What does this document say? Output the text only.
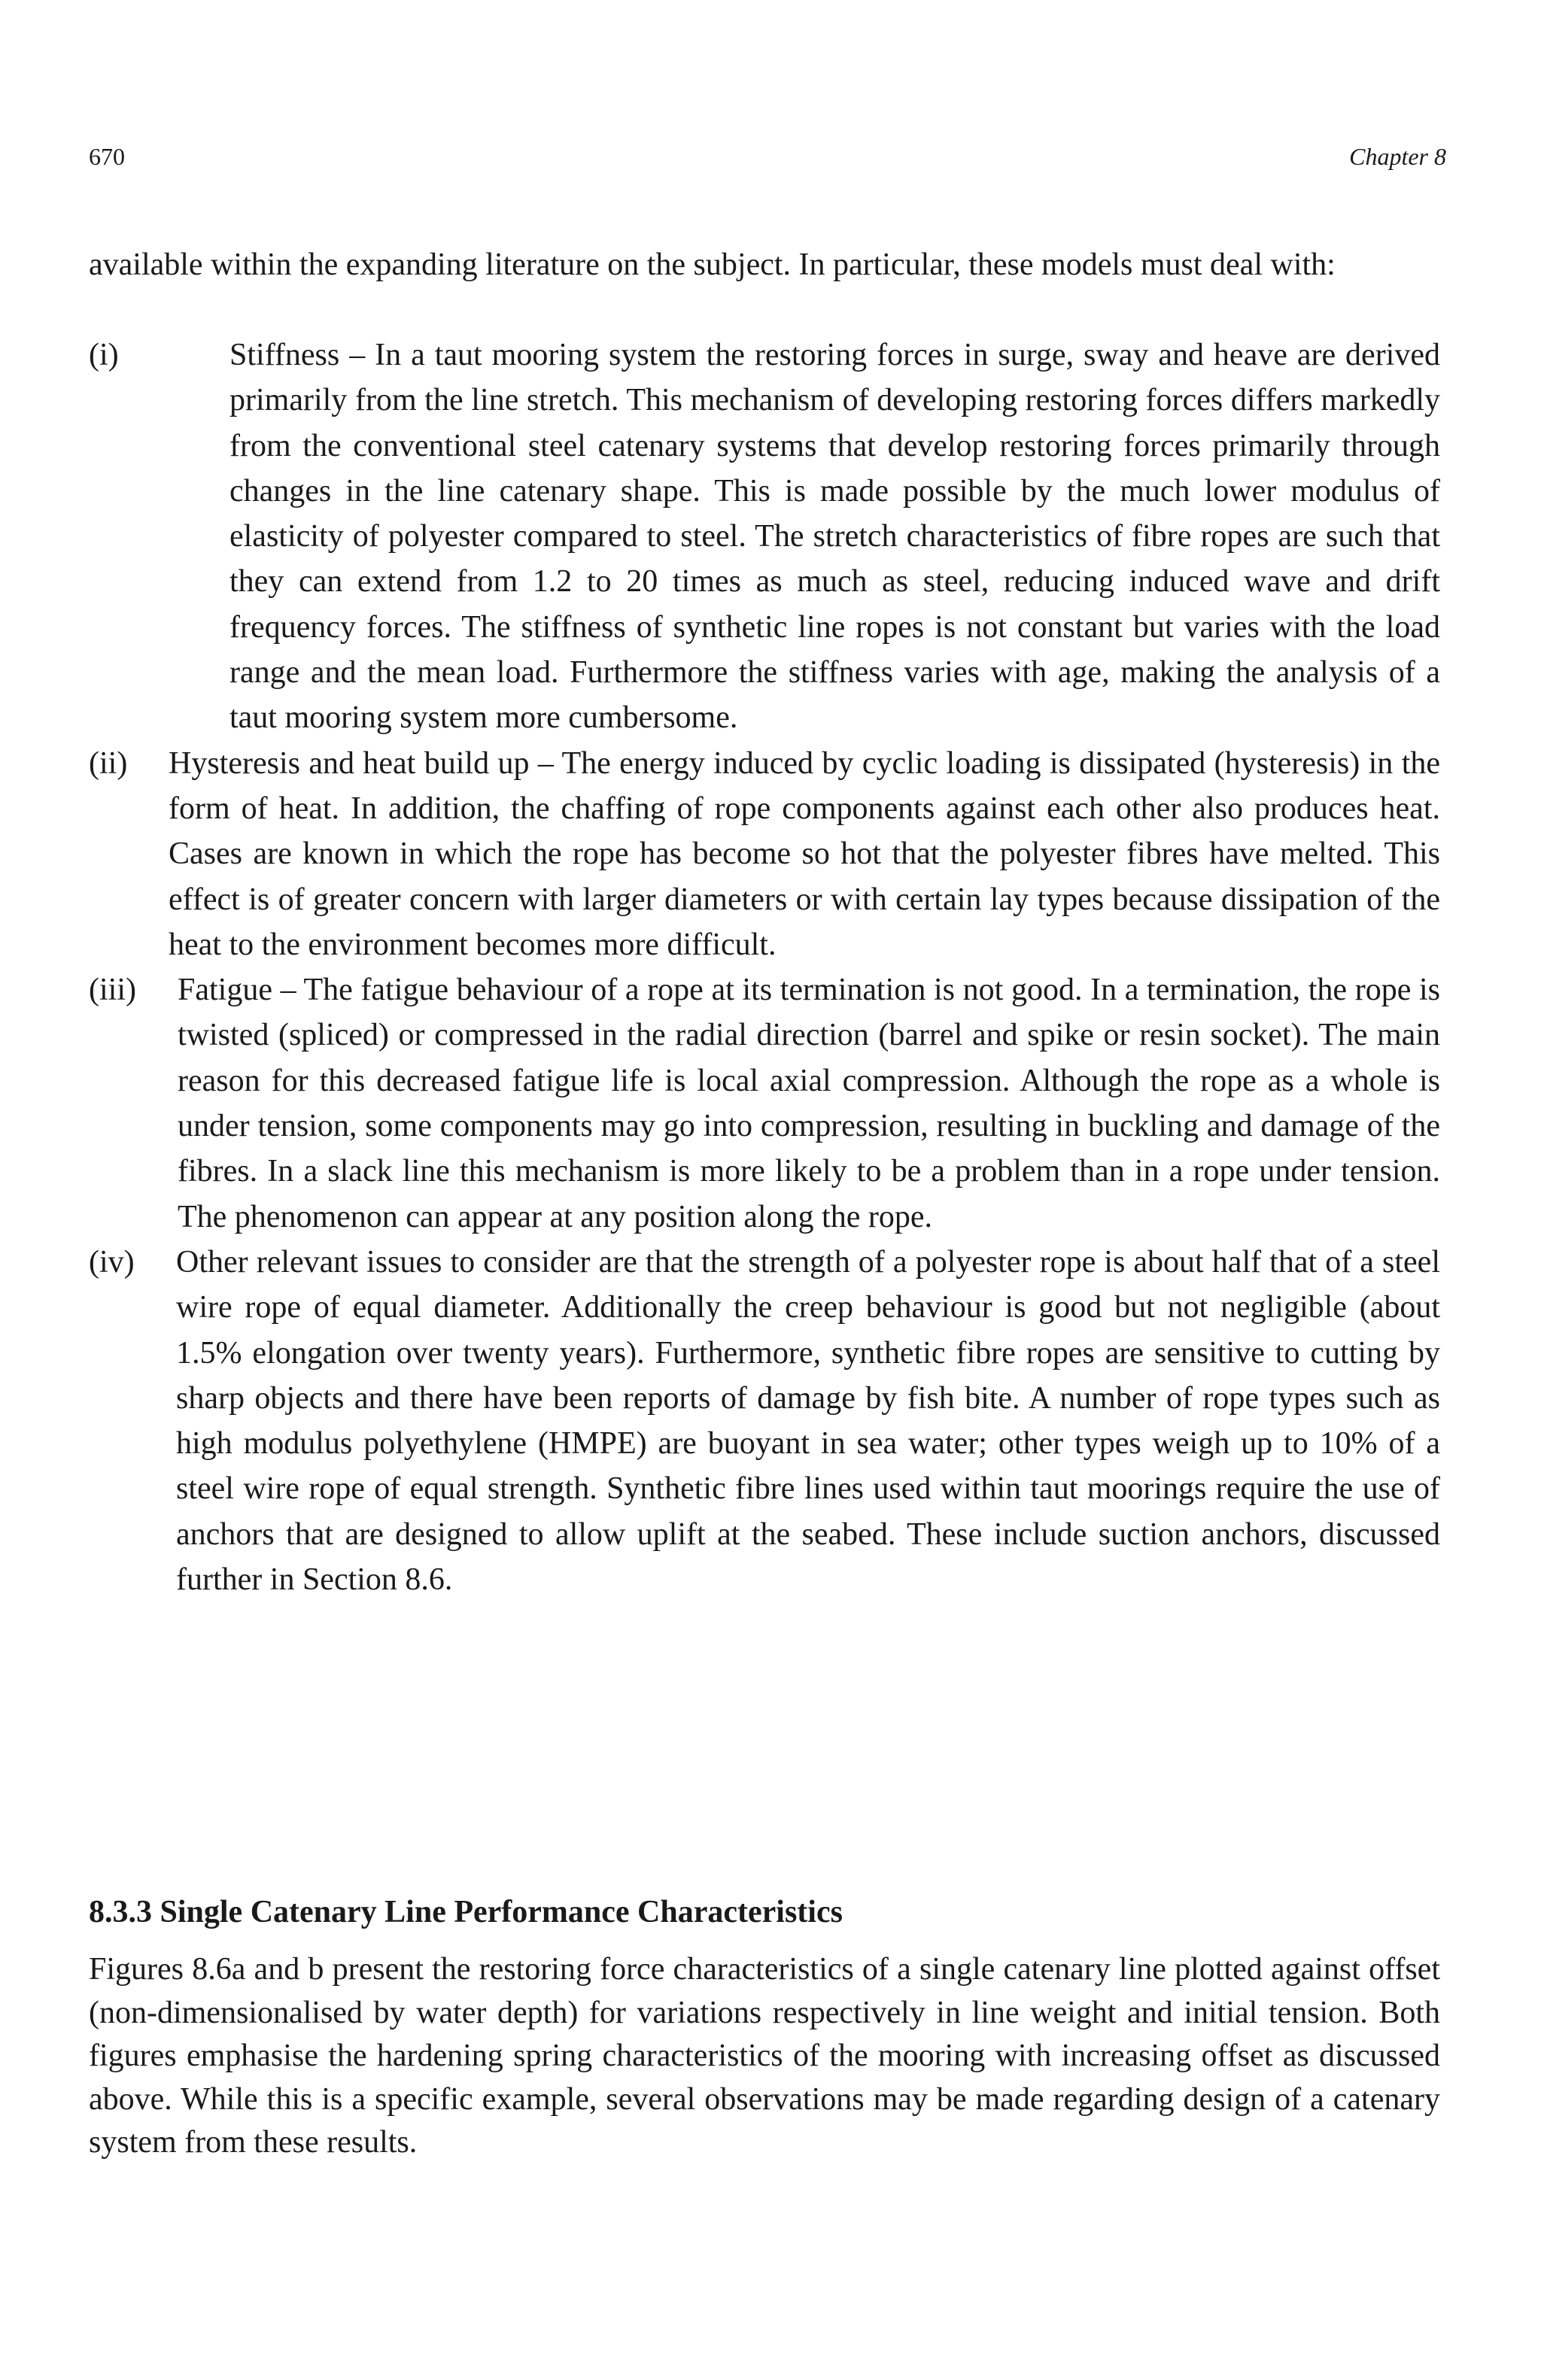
670	Chapter 8

available within the expanding literature on the subject. In particular, these models must deal with:

(i)	Stiffness – In a taut mooring system the restoring forces in surge, sway and heave are derived primarily from the line stretch. This mechanism of developing restoring forces differs markedly from the conventional steel catenary systems that develop restoring forces primarily through changes in the line catenary shape. This is made possible by the much lower modulus of elasticity of polyester compared to steel. The stretch characteristics of fibre ropes are such that they can extend from 1.2 to 20 times as much as steel, reducing induced wave and drift frequency forces. The stiffness of synthetic line ropes is not constant but varies with the load range and the mean load. Furthermore the stiffness varies with age, making the analysis of a taut mooring system more cumbersome.
(ii) Hysteresis and heat build up – The energy induced by cyclic loading is dissipated (hysteresis) in the form of heat. In addition, the chaffing of rope components against each other also produces heat. Cases are known in which the rope has become so hot that the polyester fibres have melted. This effect is of greater concern with larger diameters or with certain lay types because dissipation of the heat to the environment becomes more difficult.
(iii) Fatigue – The fatigue behaviour of a rope at its termination is not good. In a termination, the rope is twisted (spliced) or compressed in the radial direction (barrel and spike or resin socket). The main reason for this decreased fatigue life is local axial compression. Although the rope as a whole is under tension, some components may go into compression, resulting in buckling and damage of the fibres. In a slack line this mechanism is more likely to be a problem than in a rope under tension. The phenomenon can appear at any position along the rope.
(iv) Other relevant issues to consider are that the strength of a polyester rope is about half that of a steel wire rope of equal diameter. Additionally the creep behaviour is good but not negligible (about 1.5% elongation over twenty years). Furthermore, synthetic fibre ropes are sensitive to cutting by sharp objects and there have been reports of damage by fish bite. A number of rope types such as high modulus polyethylene (HMPE) are buoyant in sea water; other types weigh up to 10% of a steel wire rope of equal strength. Synthetic fibre lines used within taut moorings require the use of anchors that are designed to allow uplift at the seabed. These include suction anchors, discussed further in Section 8.6.
8.3.3 Single Catenary Line Performance Characteristics

Figures 8.6a and b present the restoring force characteristics of a single catenary line plotted against offset (non-dimensionalised by water depth) for variations respectively in line weight and initial tension. Both figures emphasise the hardening spring characteristics of the mooring with increasing offset as discussed above. While this is a specific example, several observations may be made regarding design of a catenary system from these results.
